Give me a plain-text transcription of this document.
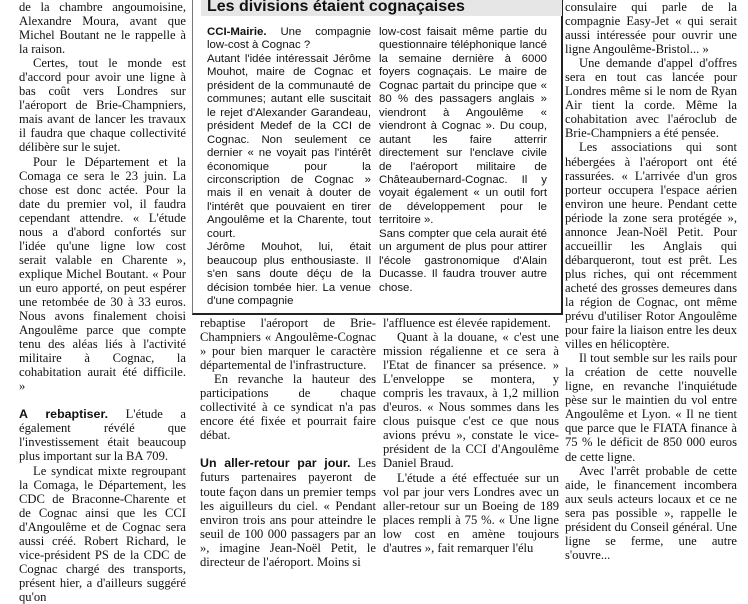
de la chambre angoumoisine, Alexandre Moura, avant que Michel Boutant ne le rappelle à la raison.

Certes, tout le monde est d'accord pour avoir une ligne à bas coût vers Londres sur l'aéroport de Brie-Champniers, mais avant de lancer les travaux il faudra que chaque collectivité délibère sur le sujet.

Pour le Département et la Comaga ce sera le 23 juin. La chose est donc actée. Pour la date du premier vol, il faudra cependant attendre. « L'étude nous a d'abord confortés sur l'idée qu'une ligne low cost serait valable en Charente », explique Michel Boutant. « Pour un euro apporté, on peut espérer une retombée de 30 à 33 euros. Nous avons finalement choisi Angoulême parce que compte tenu des aléas liés à l'activité militaire à Cognac, la cohabitation aurait été difficile. »

A rebaptiser. L'étude a également révélé que l'investissement était beaucoup plus important sur la BA 709.

Le syndicat mixte regroupant la Comaga, le Département, les CDC de Braconne-Charente et de Cognac ainsi que les CCI d'Angoulême et de Cognac sera aussi créé. Robert Richard, le vice-président PS de la CDC de Cognac chargé des transports, présent hier, a d'ailleurs suggéré qu'on

Les divisions étaient cognaçaises

CCI-Mairie. Une compagnie low-cost à Cognac ?

Autant l'idée intéressait Jérôme Mouhot, maire de Cognac et président de la communauté de communes; autant elle suscitait le rejet d'Alexander Garandeau, président Medef de la CCI de Cognac. Non seulement ce dernier « ne voyait pas l'intérêt économique pour la circonscription de Cognac » mais il en venait à douter de l'intérêt que pouvaient en tirer Angoulême et la Charente, tout court.

Jérôme Mouhot, lui, était beaucoup plus enthousiaste. Il s'en sans doute déçu de la décision tombée hier. La venue d'une compagnie

low-cost faisait même partie du questionnaire téléphonique lancé la semaine dernière à 6000 foyers cognaçais. Le maire de Cognac partait du principe que « 80 % des passagers anglais » viendront à Angoulême « viendront à Cognac ». Du coup, autant les faire atterrir directement sur l'enclave civile de l'aéroport militaire de Châteaubernard-Cognac. Il y voyait également « un outil fort de développement pour le territoire ».

Sans compter que cela aurait été un argument de plus pour attirer l'école gastronomique d'Alain Ducasse. Il faudra trouver autre chose.

rebaptise l'aéroport de Brie-Champniers « Angoulême-Cognac » pour bien marquer le caractère départemental de l'infrastructure.

En revanche la hauteur des participations de chaque collectivité à ce syndicat n'a pas encore été fixée et pourrait faire débat.

Un aller-retour par jour. Les futurs partenaires payeront de toute façon dans un premier temps les aiguilleurs du ciel. « Pendant environ trois ans pour atteindre le seuil de 100 000 passagers par an », imagine Jean-Noël Petit, le directeur de l'aéroport. Moins si

l'affluence est élevée rapidement.

Quant à la douane, « c'est une mission régalienne et ce sera à l'Etat de financer sa présence. » L'enveloppe se montera, y compris les travaux, à 1,2 million d'euros. « Nous sommes dans les clous puisque c'est ce que nous avions prévu », constate le vice-président de la CCI d'Angoulême Daniel Braud.

L'étude a été effectuée sur un vol par jour vers Londres avec un aller-retour sur un Boeing de 189 places rempli à 75 %. « Une ligne low cost en amène toujours d'autres », fait remarquer l'élu

consulaire qui parle de la compagnie Easy-Jet « qui serait aussi intéressée pour ouvrir une ligne Angoulême-Bristol... »

Une demande d'appel d'offres sera en tout cas lancée pour Londres même si le nom de Ryan Air tient la corde. Même la cohabitation avec l'aéroclub de Brie-Champniers a été pensée.

Les associations qui sont hébergées à l'aéroport ont été rassurées. « L'arrivée d'un gros porteur occupera l'espace aérien environ une heure. Pendant cette période la zone sera protégée », annonce Jean-Noël Petit. Pour accueillir les Anglais qui débarqueront, tout est prêt. Les plus riches, qui ont récemment acheté des grosses demeures dans la région de Cognac, ont même prévu d'utiliser Rotor Angoulême pour faire la liaison entre les deux villes en hélicoptère.

Il tout semble sur les rails pour la création de cette nouvelle ligne, en revanche l'inquiétude pèse sur le maintien du vol entre Angoulême et Lyon. « Il ne tient que parce que le FIATA finance à 75 % le déficit de 850 000 euros de cette ligne.

Avec l'arrêt probable de cette aide, le financement incombera aux seuls acteurs locaux et ce ne sera pas possible », rappelle le président du Conseil général. Une ligne se ferme, une autre s'ouvre...
